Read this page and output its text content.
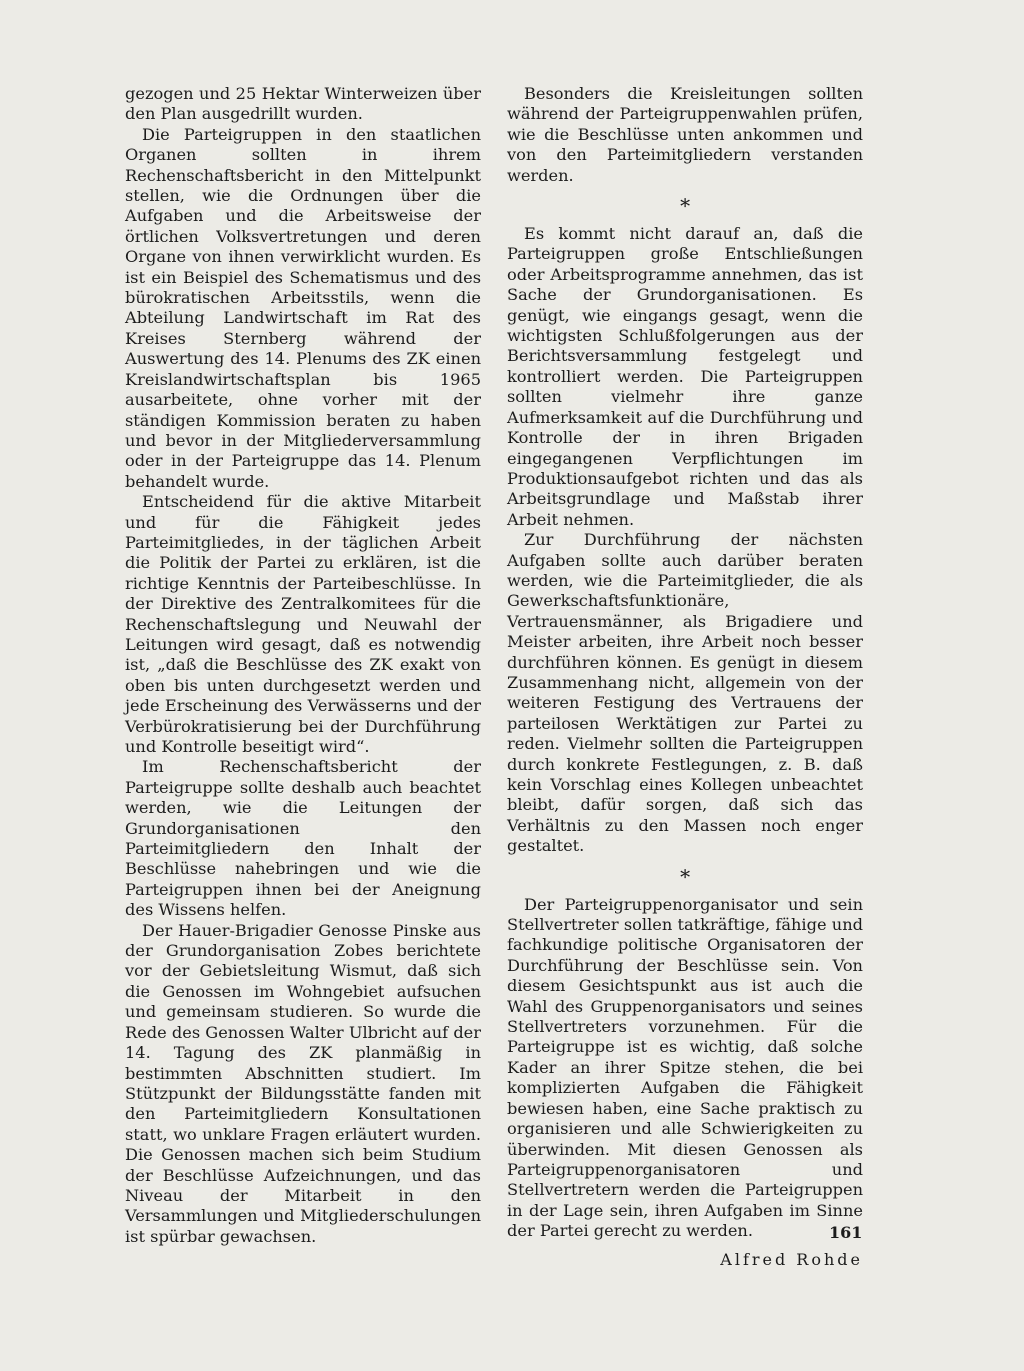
gezogen und 25 Hektar Winterweizen über den Plan ausgedrillt wurden.

Die Parteigruppen in den staatlichen Organen sollten in ihrem Rechenschaftsbericht in den Mittelpunkt stellen, wie die Ordnungen über die Aufgaben und die Arbeitsweise der örtlichen Volksvertretungen und deren Organe von ihnen verwirklicht wurden. Es ist ein Beispiel des Schematismus und des bürokratischen Arbeitsstils, wenn die Abteilung Landwirtschaft im Rat des Kreises Sternberg während der Auswertung des 14. Plenums des ZK einen Kreislandwirtschaftsplan bis 1965 ausarbeitete, ohne vorher mit der ständigen Kommission beraten zu haben und bevor in der Mitgliederversammlung oder in der Parteigruppe das 14. Plenum behandelt wurde.

Entscheidend für die aktive Mitarbeit und für die Fähigkeit jedes Parteimitgliedes, in der täglichen Arbeit die Politik der Partei zu erklären, ist die richtige Kenntnis der Parteibeschlüsse. In der Direktive des Zentralkomitees für die Rechenschaftslegung und Neuwahl der Leitungen wird gesagt, daß es notwendig ist, „daß die Beschlüsse des ZK exakt von oben bis unten durchgesetzt werden und jede Erscheinung des Verwässerns und der Verbürokratisierung bei der Durchführung und Kontrolle beseitigt wird“.

Im Rechenschaftsbericht der Parteigruppe sollte deshalb auch beachtet werden, wie die Leitungen der Grundorganisationen den Parteimitgliedern den Inhalt der Beschlüsse nahebringen und wie die Parteigruppen ihnen bei der Aneignung des Wissens helfen.

Der Hauer-Brigadier Genosse Pinske aus der Grundorganisation Zobes berichtete vor der Gebietsleitung Wismut, daß sich die Genossen im Wohngebiet aufsuchen und gemeinsam studieren. So wurde die Rede des Genossen Walter Ulbricht auf der 14. Tagung des ZK planmäßig in bestimmten Abschnitten studiert. Im Stützpunkt der Bildungsstätte fanden mit den Parteimitgliedern Konsultationen statt, wo unklare Fragen erläutert wurden. Die Genossen machen sich beim Studium der Beschlüsse Aufzeichnungen, und das Niveau der Mitarbeit in den Versammlungen und Mitgliederschulungen ist spürbar gewachsen.

Besonders die Kreisleitungen sollten während der Parteigruppenwahlen prüfen, wie die Beschlüsse unten ankommen und von den Parteimitgliedern verstanden werden.

∗

Es kommt nicht darauf an, daß die Parteigruppen große Entschließungen oder Arbeitsprogramme annehmen, das ist Sache der Grundorganisationen. Es genügt, wie eingangs gesagt, wenn die wichtigsten Schlußfolgerungen aus der Berichtsversammlung festgelegt und kontrolliert werden. Die Parteigruppen sollten vielmehr ihre ganze Aufmerksamkeit auf die Durchführung und Kontrolle der in ihren Brigaden eingegangenen Verpflichtungen im Produktionsaufgebot richten und das als Arbeitsgrundlage und Maßstab ihrer Arbeit nehmen.

Zur Durchführung der nächsten Aufgaben sollte auch darüber beraten werden, wie die Parteimitglieder, die als Gewerkschaftsfunktionäre, Vertrauensmänner, als Brigadiere und Meister arbeiten, ihre Arbeit noch besser durchführen können. Es genügt in diesem Zusammenhang nicht, allgemein von der weiteren Festigung des Vertrauens der parteilosen Werktätigen zur Partei zu reden. Vielmehr sollten die Parteigruppen durch konkrete Festlegungen, z. B. daß kein Vorschlag eines Kollegen unbeachtet bleibt, dafür sorgen, daß sich das Verhältnis zu den Massen noch enger gestaltet.

∗

Der Parteigruppenorganisator und sein Stellvertreter sollen tatkräftige, fähige und fachkundige politische Organisatoren der Durchführung der Beschlüsse sein. Von diesem Gesichtspunkt aus ist auch die Wahl des Gruppenorganisators und seines Stellvertreters vorzunehmen. Für die Parteigruppe ist es wichtig, daß solche Kader an ihrer Spitze stehen, die bei komplizierten Aufgaben die Fähigkeit bewiesen haben, eine Sache praktisch zu organisieren und alle Schwierigkeiten zu überwinden. Mit diesen Genossen als Parteigruppenorganisatoren und Stellvertretern werden die Parteigruppen in der Lage sein, ihren Aufgaben im Sinne der Partei gerecht zu werden.

Alfred Rohde
161
